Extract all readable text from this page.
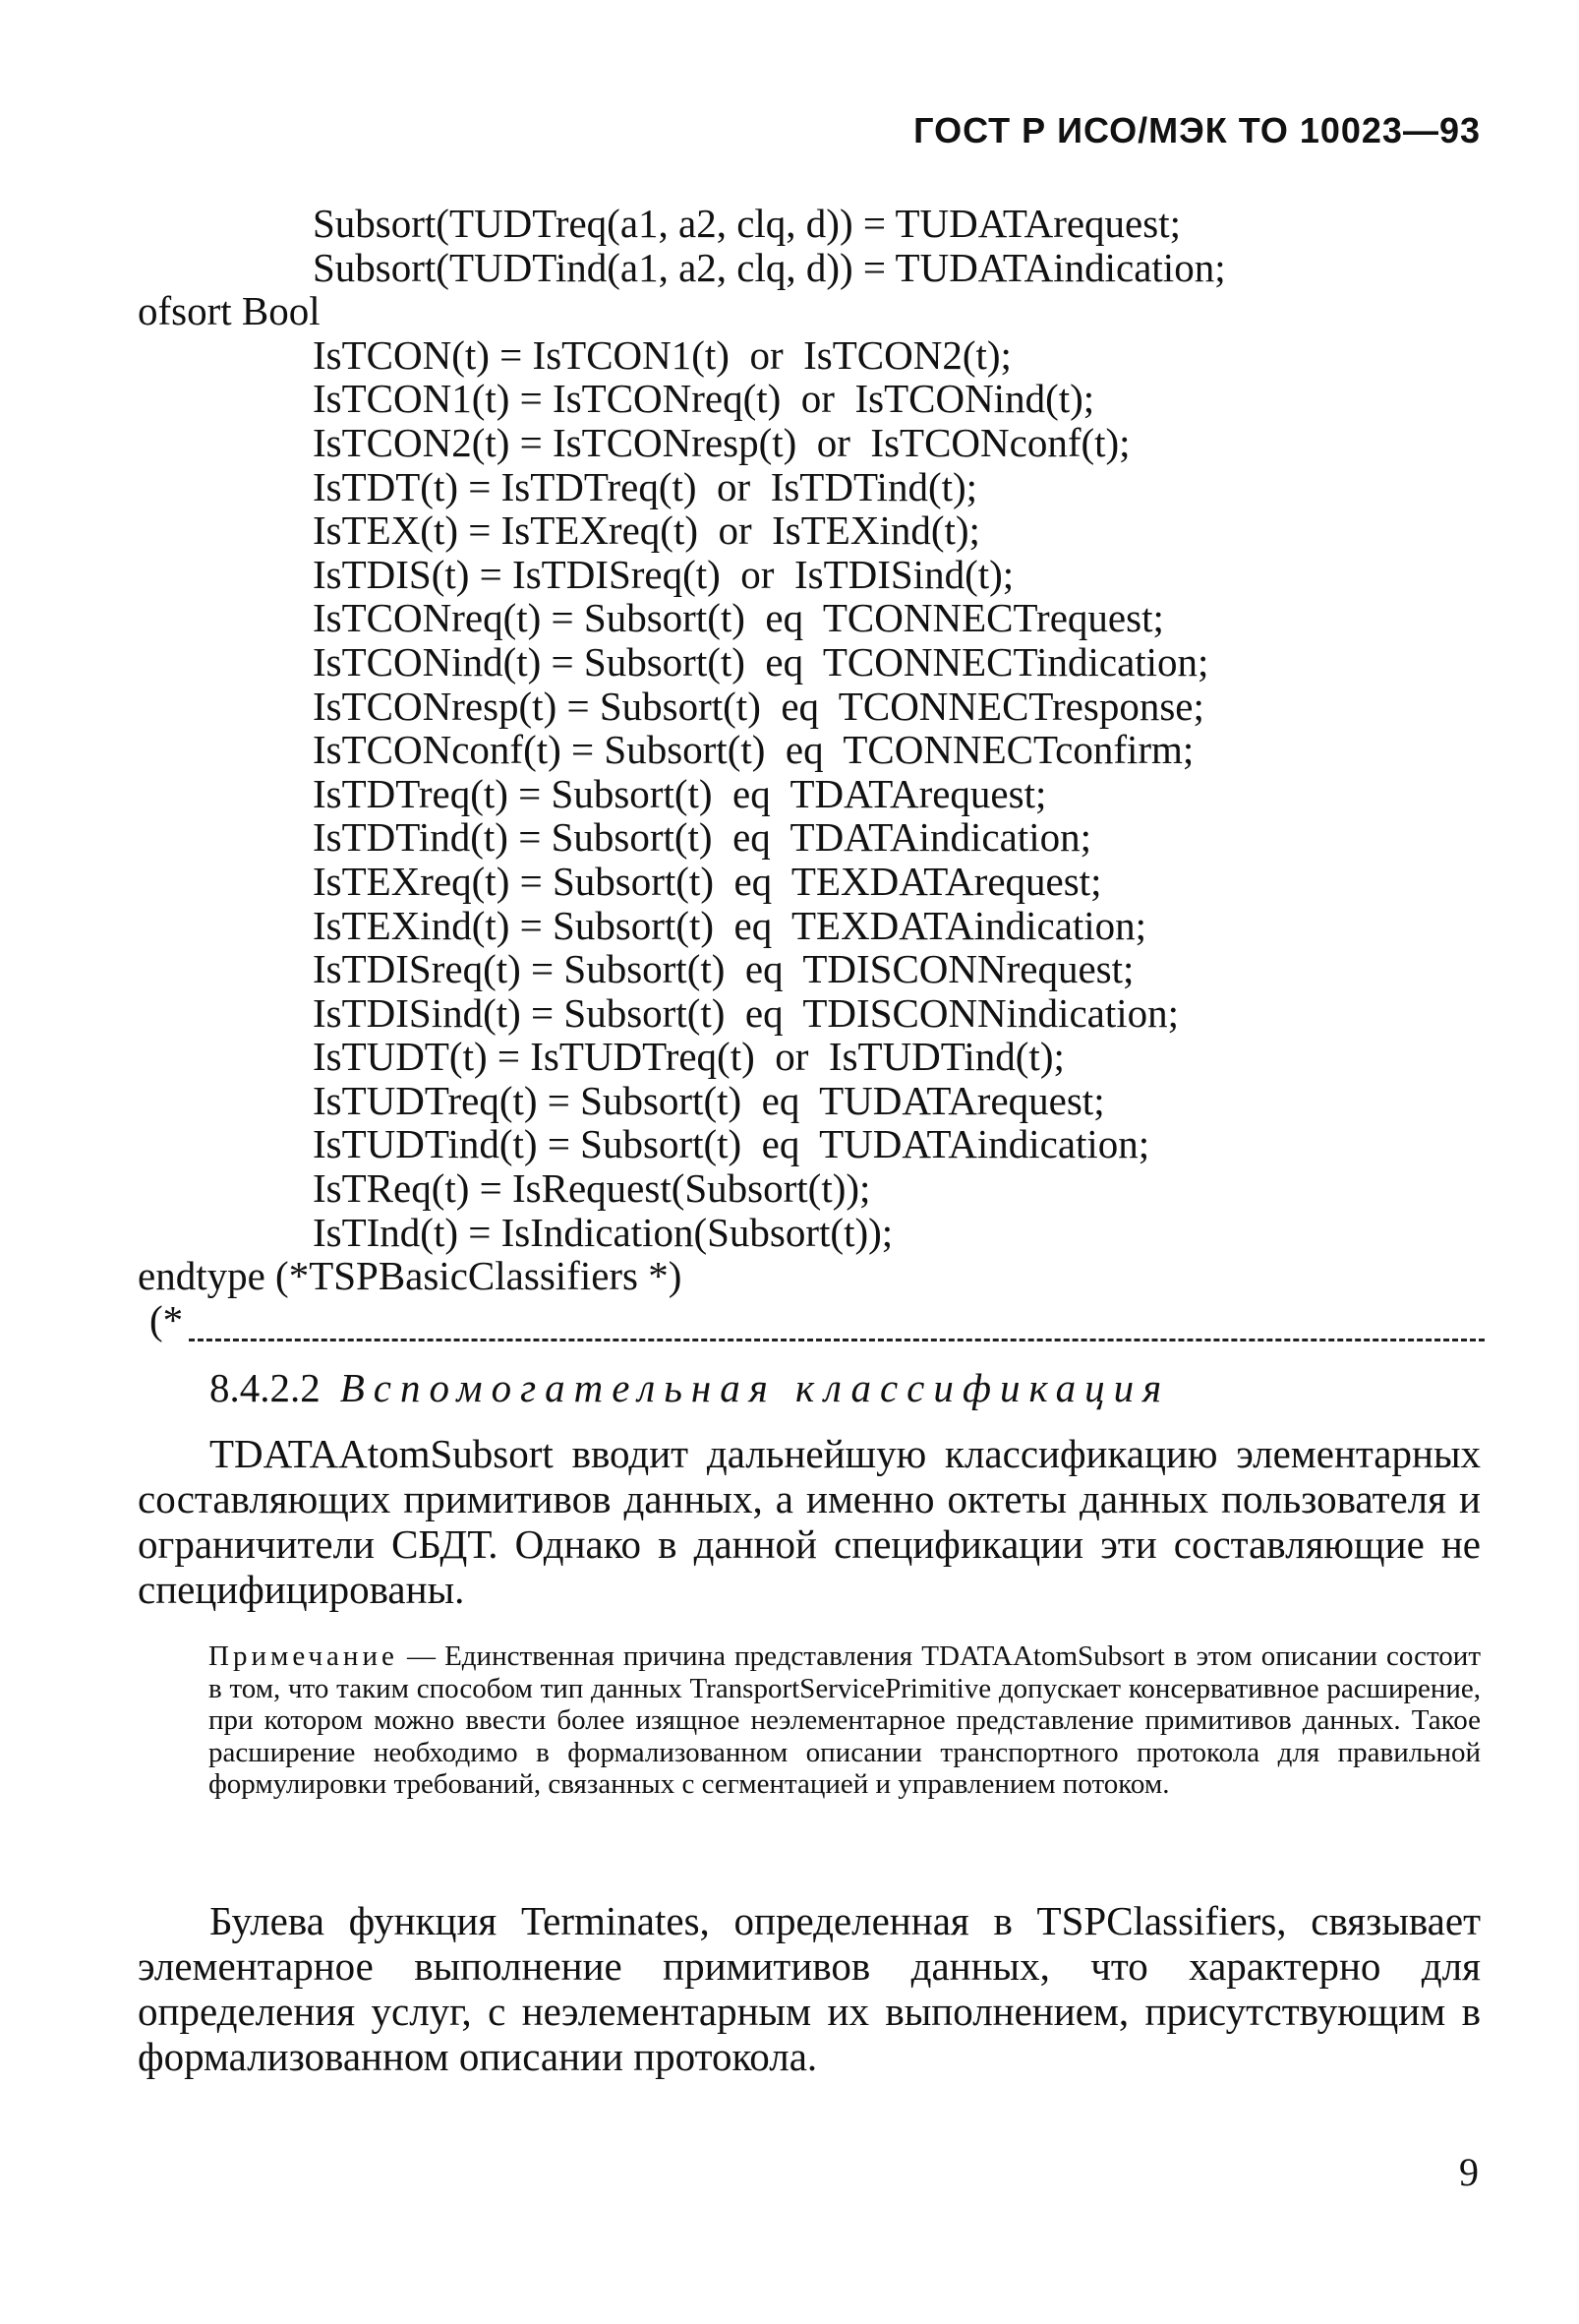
ГОСТ Р ИСО/МЭК ТО 10023—93
Subsort(TUDTreq(a1, a2, clq, d)) = TUDATArequest;
Subsort(TUDTind(a1, a2, clq, d)) = TUDATAindication;
ofsort Bool
IsTCON(t) = IsTCON1(t)  or  IsTCON2(t);
IsTCON1(t) = IsTCONreq(t)  or  IsTCONind(t);
IsTCON2(t) = IsTCONresp(t)  or  IsTCONconf(t);
IsTDT(t) = IsTDTreq(t)  or  IsTDTind(t);
IsTEX(t) = IsTEXreq(t)  or  IsTEXind(t);
IsTDIS(t) = IsTDISreq(t)  or  IsTDISind(t);
IsTCONreq(t) = Subsort(t)  eq  TCONNECTrequest;
IsTCONind(t) = Subsort(t)  eq  TCONNECTindication;
IsTCONresp(t) = Subsort(t)  eq  TCONNECTresponse;
IsTCONconf(t) = Subsort(t)  eq  TCONNECTconfirm;
IsTDTreq(t) = Subsort(t)  eq  TDATArequest;
IsTDTind(t) = Subsort(t)  eq  TDATAindication;
IsTEXreq(t) = Subsort(t)  eq  TEXDATArequest;
IsTEXind(t) = Subsort(t)  eq  TEXDATAindication;
IsTDISreq(t) = Subsort(t)  eq  TDISCONNrequest;
IsTDISind(t) = Subsort(t)  eq  TDISCONNindication;
IsTUDT(t) = IsTUDTreq(t)  or  IsTUDTind(t);
IsTUDTreq(t) = Subsort(t)  eq  TUDATArequest;
IsTUDTind(t) = Subsort(t)  eq  TUDATAindication;
IsTReq(t) = IsRequest(Subsort(t));
IsTInd(t) = IsIndication(Subsort(t));
endtype (*TSPBasicClassifiers *)
(*
8.4.2.2 Вспомогательная классификация
TDATAAtomSubsort вводит дальнейшую классификацию элементарных составляющих примитивов данных, а именно октеты данных пользователя и ограничители СБДТ. Однако в данной спецификации эти составляющие не специфицированы.
Примечание — Единственная причина представления TDATAAtomSubsort в этом описании состоит в том, что таким способом тип данных TransportServicePrimitive допускает консервативное расширение, при котором можно ввести более изящное неэлементарное представление примитивов данных. Такое расширение необходимо в формализованном описании транспортного протокола для правильной формулировки требований, связанных с сегментацией и управлением потоком.
Булева функция Terminates, определенная в TSPClassifiers, связывает элементарное выполнение примитивов данных, что характерно для определения услуг, с неэлементарным их выполнением, присутствующим в формализованном описании протокола.
9
